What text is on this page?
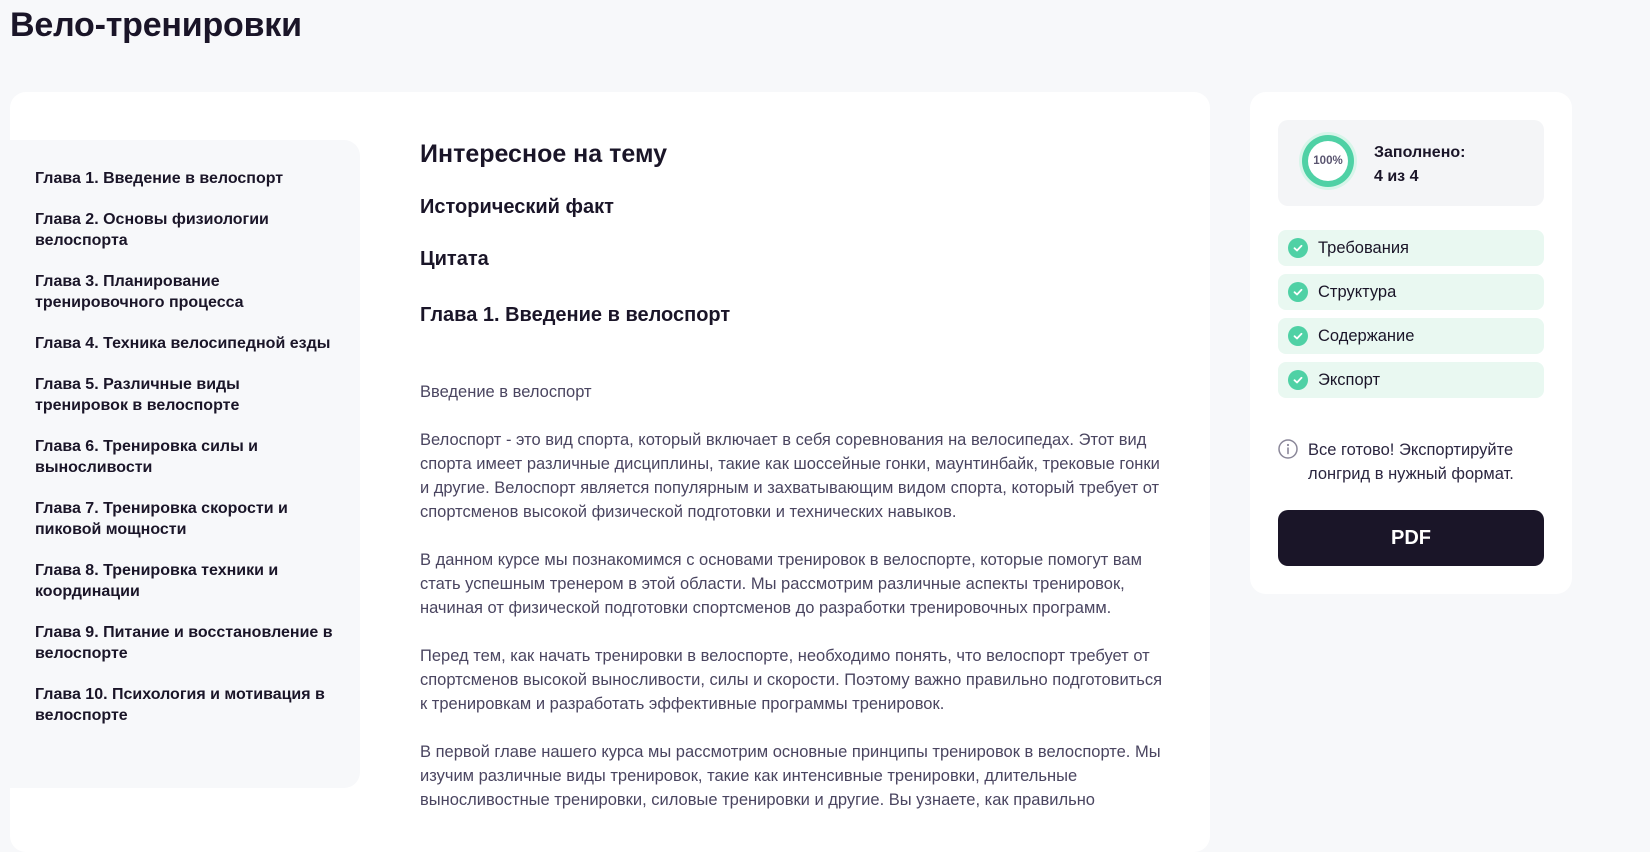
Вело-тренировки
Глава 1. Введение в велоспорт
Глава 2. Основы физиологии велоспорта
Глава 3. Планирование тренировочного процесса
Глава 4. Техника велосипедной езды
Глава 5. Различные виды тренировок в велоспорте
Глава 6. Тренировка силы и выносливости
Глава 7. Тренировка скорости и пиковой мощности
Глава 8. Тренировка техники и координации
Глава 9. Питание и восстановление в велоспорте
Глава 10. Психология и мотивация в велоспорте
Интересное на тему
Исторический факт
Цитата
Глава 1. Введение в велоспорт

Введение в велоспорт

Велоспорт - это вид спорта, который включает в себя соревнования на велосипедах. Этот вид спорта имеет различные дисциплины, такие как шоссейные гонки, маунтинбайк, трековые гонки и другие. Велоспорт является популярным и захватывающим видом спорта, который требует от спортсменов высокой физической подготовки и технических навыков.

В данном курсе мы познакомимся с основами тренировок в велоспорте, которые помогут вам стать успешным тренером в этой области. Мы рассмотрим различные аспекты тренировок, начиная от физической подготовки спортсменов до разработки тренировочных программ.

Перед тем, как начать тренировки в велоспорте, необходимо понять, что велоспорт требует от спортсменов высокой выносливости, силы и скорости. Поэтому важно правильно подготовиться к тренировкам и разработать эффективные программы тренировок.

В первой главе нашего курса мы рассмотрим основные принципы тренировок в велоспорте. Мы изучим различные виды тренировок, такие как интенсивные тренировки, длительные выносливостные тренировки, силовые тренировки и другие. Вы узнаете, как правильно

100%	Заполнено:
4 из 4
Требования
Структура
Содержание
Экспорт
Все готово! Экспортируйте лонгрид в нужный формат.
PDF
